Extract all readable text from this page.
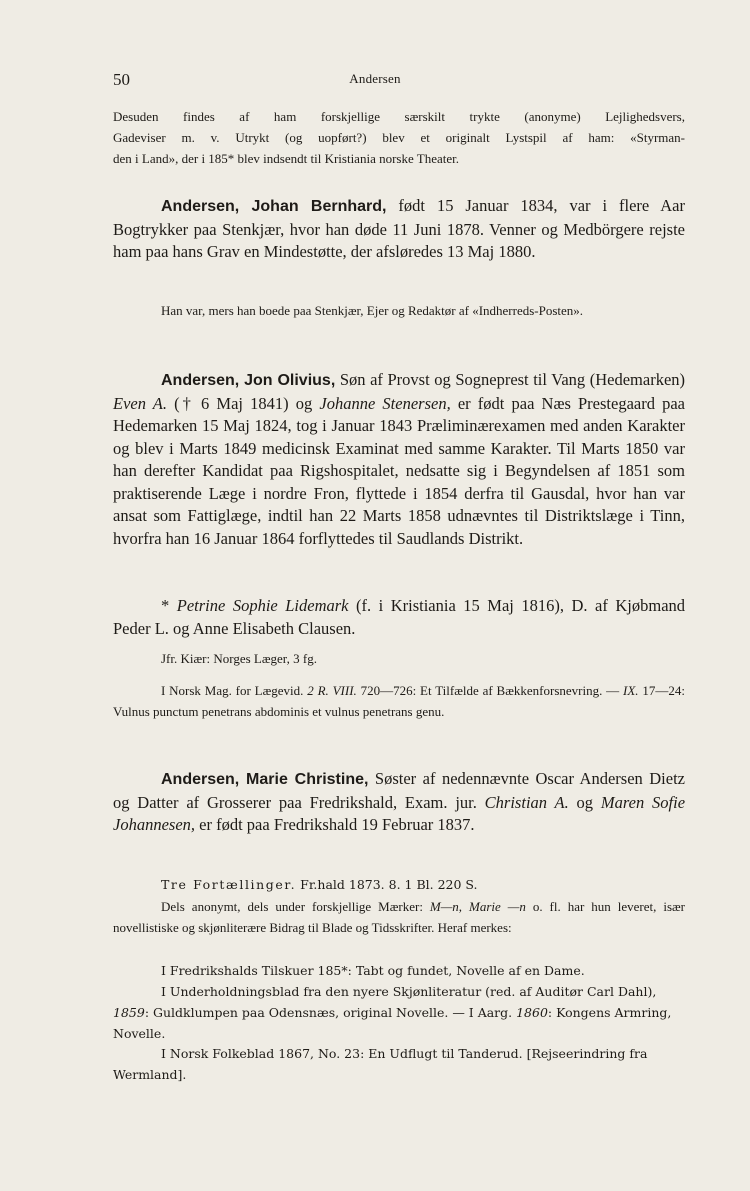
50	Andersen
Desuden findes af ham forskjellige særskilt trykte (anonyme) Lejlighedsvers,
Gadeviser m. v. Utrykt (og uopført?) blev et originalt Lystspil af ham: «Styrman-
den i Land», der i 185* blev indsendt til Kristiania norske Theater.
Andersen, Johan Bernhard, født 15 Januar 1834, var i flere Aar Bogtrykker paa Stenkjær, hvor han døde 11 Juni 1878. Venner og Medbörgere rejste ham paa hans Grav en Mindestøtte, der afsløredes 13 Maj 1880.
Han var, mers han boede paa Stenkjær, Ejer og Redaktør af «Indherreds-Posten».
Andersen, Jon Olivius, Søn af Provst og Sogneprest til Vang (Hedemarken) Even A. († 6 Maj 1841) og Johanne Stenersen, er født paa Næs Prestegaard paa Hedemarken 15 Maj 1824, tog i Januar 1843 Præliminærexamen med anden Karakter og blev i Marts 1849 medicinsk Examinat med samme Karakter. Til Marts 1850 var han derefter Kandidat paa Rigshospitalet, nedsatte sig i Begyndelsen af 1851 som praktiserende Læge i nordre Fron, flyttede i 1854 derfra til Gausdal, hvor han var ansat som Fattiglæge, indtil han 22 Marts 1858 udnævntes til Distriktslæge i Tinn, hvorfra han 16 Januar 1864 forflyttedes til Saudlands Distrikt.
* Petrine Sophie Lidemark (f. i Kristiania 15 Maj 1816), D. af Kjøbmand Peder L. og Anne Elisabeth Clausen.
Jfr. Kiær: Norges Læger, 3 fg.
I Norsk Mag. for Lægevid. 2 R. VIII. 720—726: Et Tilfælde af Bækkenforsnevring. — IX. 17—24: Vulnus punctum penetrans abdominis et vulnus penetrans genu.
Andersen, Marie Christine, Søster af nedennævnte Oscar Andersen Dietz og Datter af Grosserer paa Fredrikshald, Exam. jur. Christian A. og Maren Sofie Johannesen, er født paa Fredrikshald 19 Februar 1837.
Tre Fortællinger. Fr.hald 1873. 8. 1 Bl. 220 S.
Dels anonymt, dels under forskjellige Mærker: M—n, Marie —n o. fl. har hun leveret, især novellistiske og skjønliterære Bidrag til Blade og Tidsskrifter. Heraf merkes:
I Fredrikshalds Tilskuer 185*: Tabt og fundet, Novelle af en Dame.
I Underholdningsblad fra den nyere Skjønliteratur (red. af Auditør Carl Dahl), 1859: Guldklumpen paa Odensnæs, original Novelle. — I Aarg. 1860: Kongens Armring, Novelle.
I Norsk Folkeblad 1867, No. 23: En Udflugt til Tanderud. [Rejseerindring fra Wermland].
